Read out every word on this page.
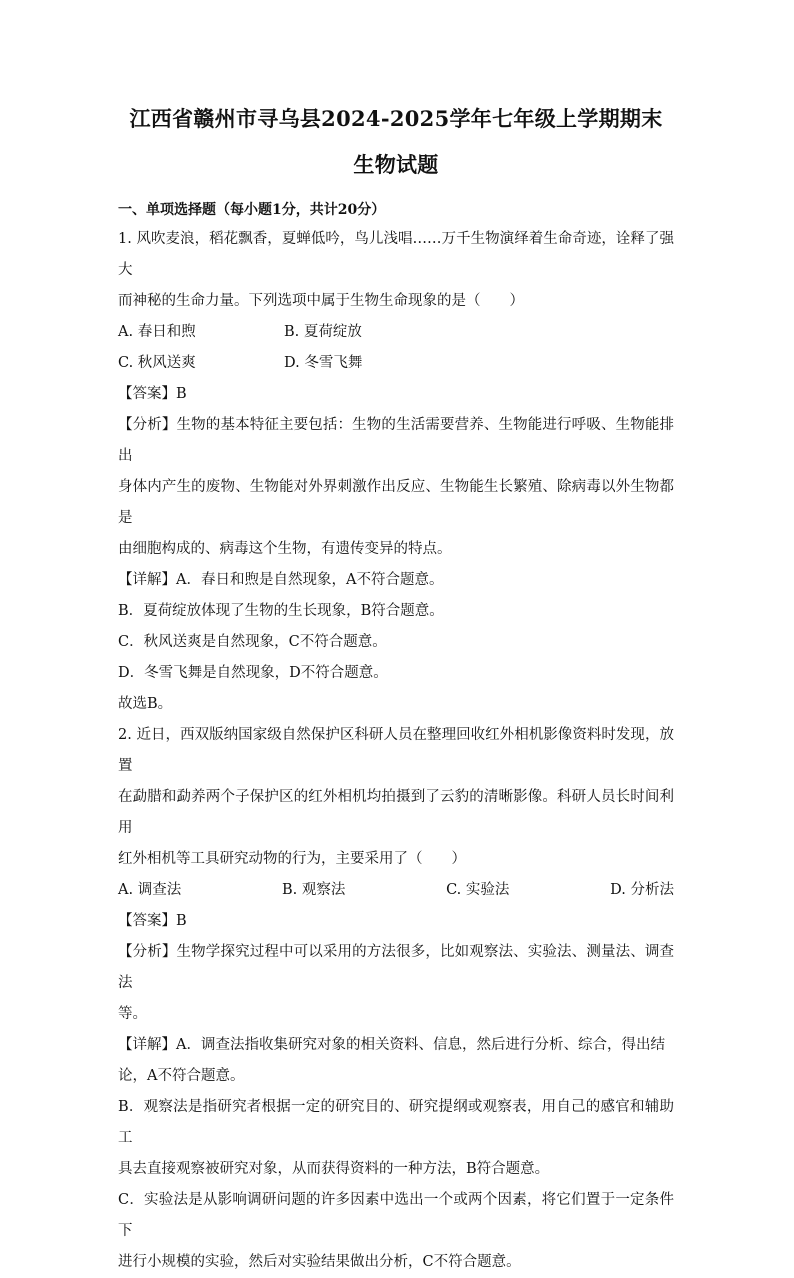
江西省赣州市寻乌县2024-2025学年七年级上学期期末
生物试题
一、单项选择题（每小题1分，共计20分）

1. 风吹麦浪，稻花飘香，夏蝉低吟，鸟儿浅唱……万千生物演绎着生命奇迹，诠释了强大

而神秘的生命力量。下列选项中属于生物生命现象的是（　　）

A. 春日和煦	B. 夏荷绽放
C. 秋风送爽	D. 冬雪飞舞

【答案】B

【分析】生物的基本特征主要包括：生物的生活需要营养、生物能进行呼吸、生物能排出

身体内产生的废物、生物能对外界刺激作出反应、生物能生长繁殖、除病毒以外生物都是

由细胞构成的、病毒这个生物，有遗传变异的特点。

【详解】A．春日和煦是自然现象，A不符合题意。

B．夏荷绽放体现了生物的生长现象，B符合题意。

C．秋风送爽是自然现象，C不符合题意。

D．冬雪飞舞是自然现象，D不符合题意。

故选B。

2. 近日，西双版纳国家级自然保护区科研人员在整理回收红外相机影像资料时发现，放置

在勐腊和勐养两个子保护区的红外相机均拍摄到了云豹的清晰影像。科研人员长时间利用

红外相机等工具研究动物的行为，主要采用了（　　）

A. 调查法	B. 观察法	C. 实验法	D. 分析法

【答案】B

【分析】生物学探究过程中可以采用的方法很多，比如观察法、实验法、测量法、调查法

等。

【详解】A．调查法指收集研究对象的相关资料、信息，然后进行分析、综合，得出结

论，A不符合题意。

B．观察法是指研究者根据一定的研究目的、研究提纲或观察表，用自己的感官和辅助工

具去直接观察被研究对象，从而获得资料的一种方法，B符合题意。

C．实验法是从影响调研问题的许多因素中选出一个或两个因素，将它们置于一定条件下

进行小规模的实验，然后对实验结果做出分析，C不符合题意。
